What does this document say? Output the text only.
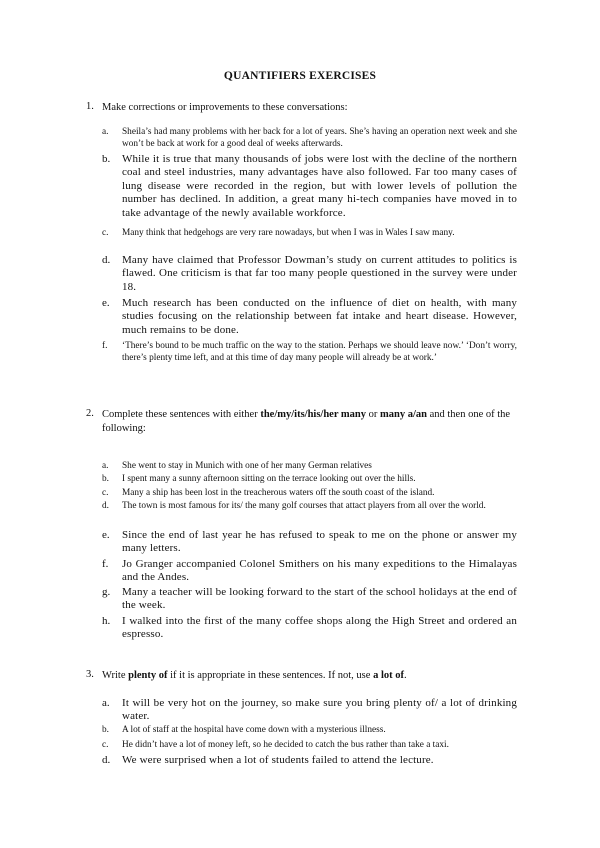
QUANTIFIERS EXERCISES
1. Make corrections or improvements to these conversations:
a.	Sheila’s had many problems with her back for a lot of years. She’s having an operation next week and she won’t be back at work for a good deal of weeks afterwards.
b.	While it is true that many thousands of jobs were lost with the decline of the northern coal and steel industries, many advantages have also followed. Far too many cases of lung disease were recorded in the region, but with lower levels of pollution the number has declined. In addition, a great many hi-tech companies have moved in to take advantage of the newly available workforce.
c.	Many think that hedgehogs are very rare nowadays, but when I was in Wales I saw many.
d.	Many have claimed that Professor Dowman’s study on current attitudes to politics is flawed. One criticism is that far too many people questioned in the survey were under 18.
e.	Much research has been conducted on the influence of diet on health, with many studies focusing on the relationship between fat intake and heart disease. However, much remains to be done.
f.	‘There’s bound to be much traffic on the way to the station. Perhaps we should leave now.’ ‘Don’t worry, there’s plenty time left, and at this time of day many people will already be at work.’
2. Complete these sentences with either the/my/its/his/her many or many a/an and then one of the following:
a.	She went to stay in Munich with one of her many German relatives
b.	I spent many a sunny afternoon sitting on the terrace looking out over the hills.
c.	Many a ship has been lost in the treacherous waters off the south coast of the island.
d.	The town is most famous for its/ the many golf courses that attact players from all over the world.
e.	Since the end of last year he has refused to speak to me on the phone or answer my many letters.
f.	Jo Granger accompanied Colonel Smithers on his many expeditions to the Himalayas and the Andes.
g.	Many a teacher will be looking forward to the start of the school holidays at the end of the week.
h.	I walked into the first of the many coffee shops along the High Street and ordered an espresso.
3. Write plenty of if it is appropriate in these sentences. If not, use a lot of.
a.	It will be very hot on the journey, so make sure you bring plenty of/ a lot of drinking water.
b.	A lot of staff at the hospital have come down with a mysterious illness.
c.	He didn’t have a lot of money left, so he decided to catch the bus rather than take a taxi.
d.	We were surprised when a lot of students failed to attend the lecture.
